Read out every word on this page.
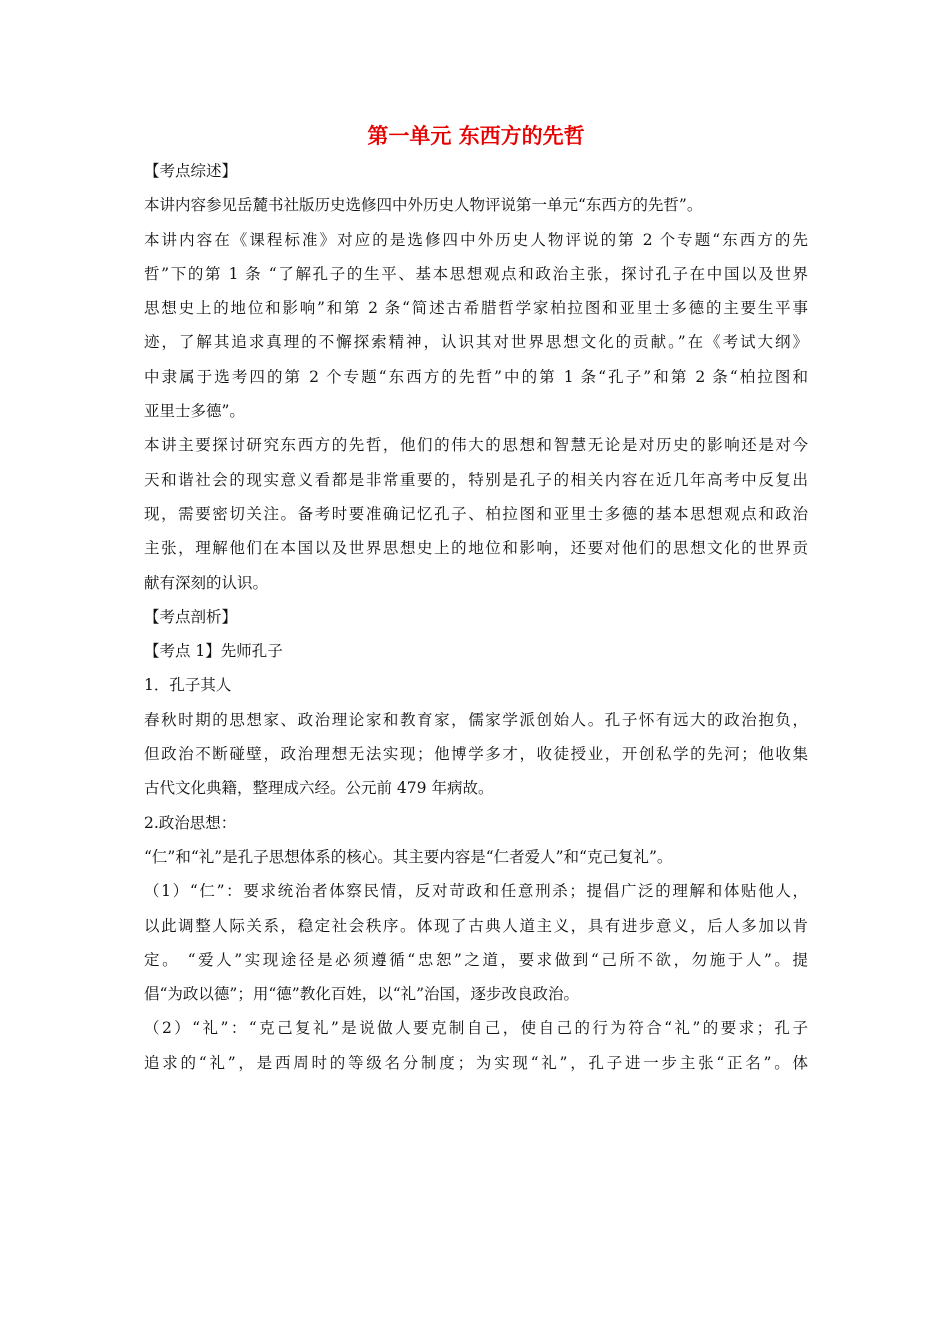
第一单元 东西方的先哲
【考点综述】
本讲内容参见岳麓书社版历史选修四中外历史人物评说第一单元“东西方的先哲”。
本讲内容在《课程标准》对应的是选修四中外历史人物评说的第 2 个专题“东西方的先
哲”下的第 1 条 “了解孔子的生平、基本思想观点和政治主张，探讨孔子在中国以及世界
思想史上的地位和影响”和第 2 条“简述古希腊哲学家柏拉图和亚里士多德的主要生平事
迹，了解其追求真理的不懈探索精神，认识其对世界思想文化的贡献。”在《考试大纲》
中隶属于选考四的第 2 个专题“东西方的先哲”中的第 1 条“孔子”和第 2 条“柏拉图和
亚里士多德”。
本讲主要探讨研究东西方的先哲，他们的伟大的思想和智慧无论是对历史的影响还是对今
天和谐社会的现实意义看都是非常重要的，特别是孔子的相关内容在近几年高考中反复出
现，需要密切关注。备考时要准确记忆孔子、柏拉图和亚里士多德的基本思想观点和政治
主张，理解他们在本国以及世界思想史上的地位和影响，还要对他们的思想文化的世界贡
献有深刻的认识。
【考点剖析】
【考点 1】先师孔子
1．孔子其人
春秋时期的思想家、政治理论家和教育家，儒家学派创始人。孔子怀有远大的政治抱负，
但政治不断碰壁，政治理想无法实现；他博学多才，收徒授业，开创私学的先河；他收集
古代文化典籍，整理成六经。公元前 479 年病故。
2.政治思想：
“仁”和“礼”是孔子思想体系的核心。其主要内容是“仁者爱人”和“克己复礼”。
（1）“仁”：要求统治者体察民情，反对苛政和任意刑杀；提倡广泛的理解和体贴他人，
以此调整人际关系，稳定社会秩序。体现了古典人道主义，具有进步意义，后人多加以肯
定。 “爱人”实现途径是必须遵循“忠恕”之道，要求做到“己所不欲，勿施于人”。提
倡“为政以德”；用“德”教化百姓，以“礼”治国，逐步改良政治。
（2）“礼”：“克己复礼”是说做人要克制自己，使自己的行为符合“礼”的要求；孔子
追求的“礼”，是西周时的等级名分制度；为实现“礼”，孔子进一步主张“正名”。体
